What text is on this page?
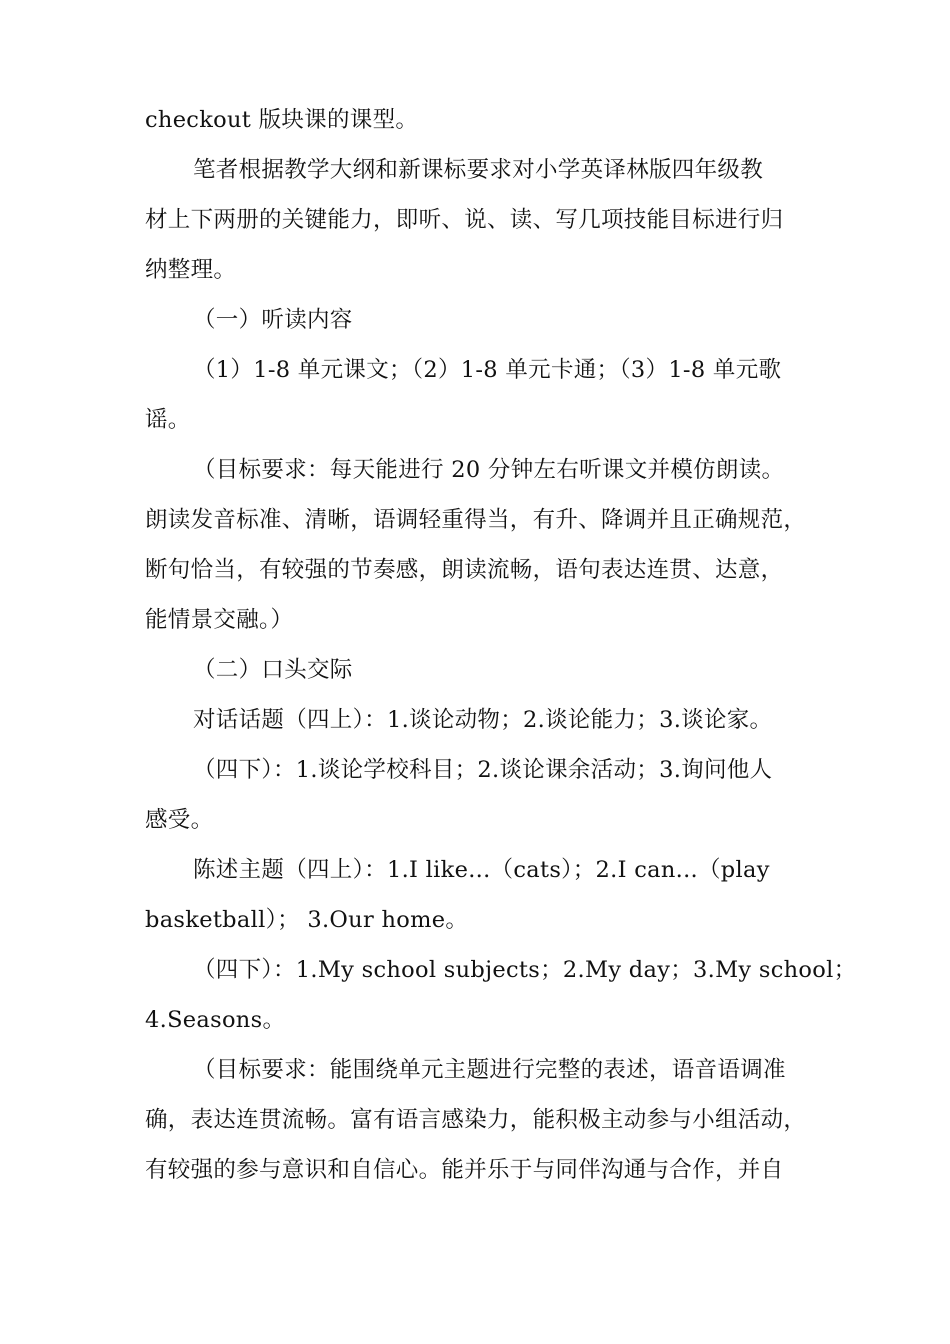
checkout 版块课的课型。
笔者根据教学大纲和新课标要求对小学英译林版四年级教
材上下两册的关键能力，即听、说、读、写几项技能目标进行归
纳整理。
（一）听读内容
（1）1-8 单元课文；（2）1-8 单元卡通；（3）1-8 单元歌
谣。
（目标要求：每天能进行 20 分钟左右听课文并模仿朗读。
朗读发音标准、清晰，语调轻重得当，有升、降调并且正确规范，
断句恰当，有较强的节奏感，朗读流畅，语句表达连贯、达意，
能情景交融。）
（二）口头交际
对话话题（四上）：1.谈论动物；2.谈论能力；3.谈论家。
（四下）：1.谈论学校科目；2.谈论课余活动；3.询问他人
感受。
陈述主题（四上）：1.I like...（cats）；2.I can...（play
basketball）； 3.Our home。
（四下）：1.My school subjects；2.My day；3.My school；
4.Seasons。
（目标要求：能围绕单元主题进行完整的表述，语音语调准
确，表达连贯流畅。富有语言感染力，能积极主动参与小组活动，
有较强的参与意识和自信心。能并乐于与同伴沟通与合作，并自
